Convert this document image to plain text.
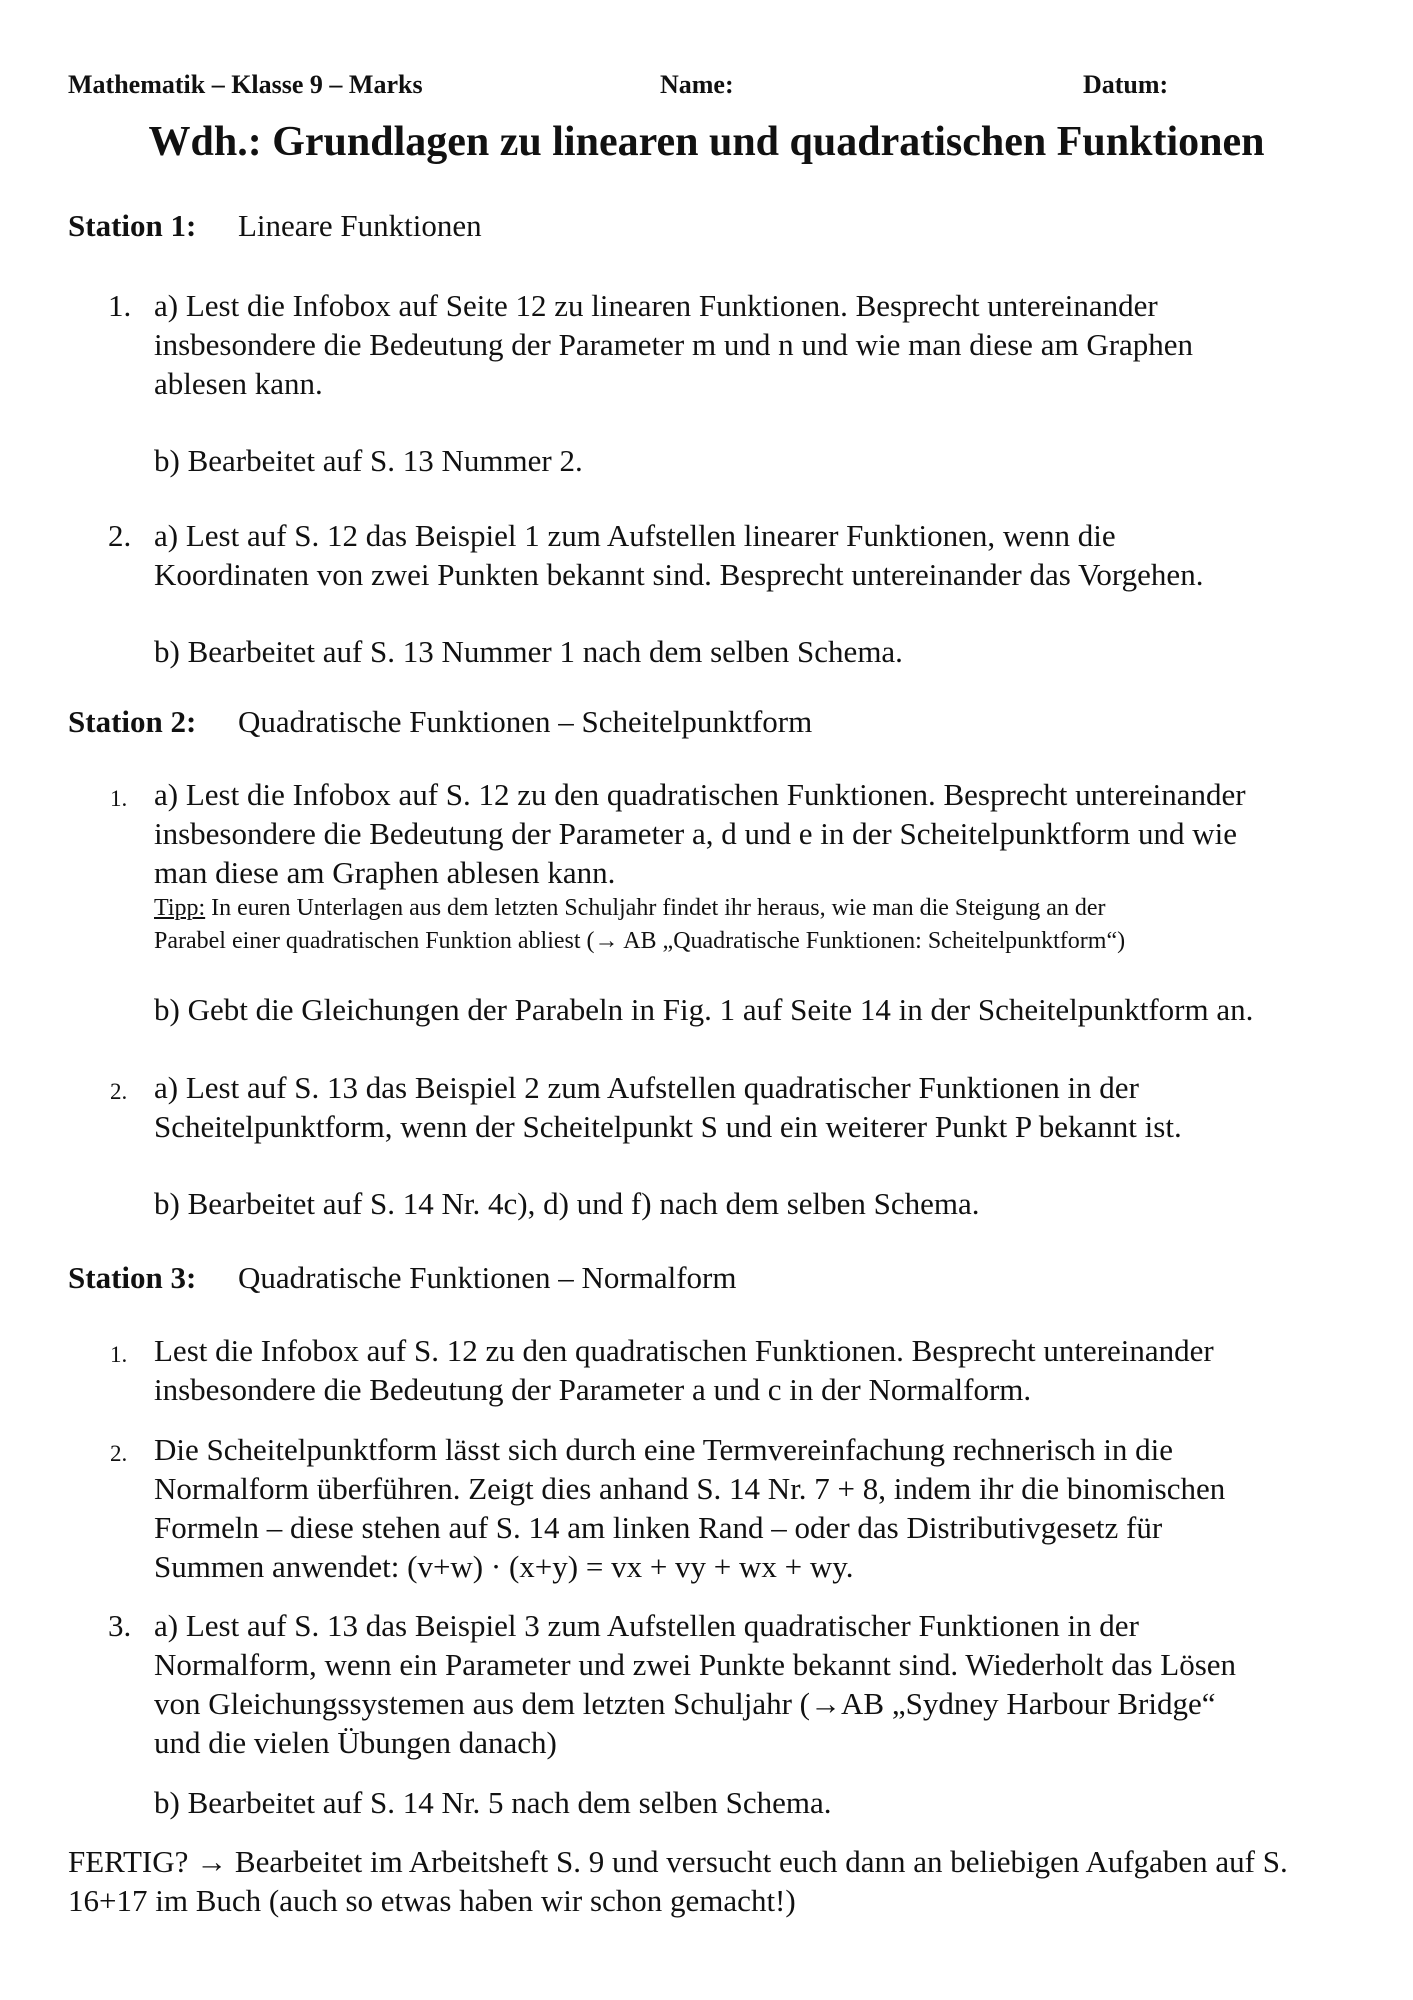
Mathematik – Klasse 9 – Marks	Name:	Datum:
Wdh.: Grundlagen zu linearen und quadratischen Funktionen
Station 1: Lineare Funktionen
1. a) Lest die Infobox auf Seite 12 zu linearen Funktionen. Besprecht untereinander
insbesondere die Bedeutung der Parameter m und n und wie man diese am Graphen
ablesen kann.
b) Bearbeitet auf S. 13 Nummer 2.
2. a) Lest auf S. 12 das Beispiel 1 zum Aufstellen linearer Funktionen, wenn die
Koordinaten von zwei Punkten bekannt sind. Besprecht untereinander das Vorgehen.
b) Bearbeitet auf S. 13 Nummer 1 nach dem selben Schema.
Station 2: Quadratische Funktionen – Scheitelpunktform
1. a) Lest die Infobox auf S. 12 zu den quadratischen Funktionen. Besprecht untereinander
insbesondere die Bedeutung der Parameter a, d und e in der Scheitelpunktform und wie
man diese am Graphen ablesen kann.
Tipp: In euren Unterlagen aus dem letzten Schuljahr findet ihr heraus, wie man die Steigung an der
Parabel einer quadratischen Funktion abliest (→ AB „Quadratische Funktionen: Scheitelpunktform“)
b) Gebt die Gleichungen der Parabeln in Fig. 1 auf Seite 14 in der Scheitelpunktform an.
2. a) Lest auf S. 13 das Beispiel 2 zum Aufstellen quadratischer Funktionen in der
Scheitelpunktform, wenn der Scheitelpunkt S und ein weiterer Punkt P bekannt ist.
b) Bearbeitet auf S. 14 Nr. 4c), d) und f) nach dem selben Schema.
Station 3: Quadratische Funktionen – Normalform
1. Lest die Infobox auf S. 12 zu den quadratischen Funktionen. Besprecht untereinander
insbesondere die Bedeutung der Parameter a und c in der Normalform.
2. Die Scheitelpunktform lässt sich durch eine Termvereinfachung rechnerisch in die
Normalform überführen. Zeigt dies anhand S. 14 Nr. 7 + 8, indem ihr die binomischen
Formeln – diese stehen auf S. 14 am linken Rand – oder das Distributivgesetz für
Summen anwendet: (v+w) · (x+y) = vx + vy + wx + wy.
3. a) Lest auf S. 13 das Beispiel 3 zum Aufstellen quadratischer Funktionen in der
Normalform, wenn ein Parameter und zwei Punkte bekannt sind. Wiederholt das Lösen
von Gleichungssystemen aus dem letzten Schuljahr (→AB „Sydney Harbour Bridge“
und die vielen Übungen danach)
b) Bearbeitet auf S. 14 Nr. 5 nach dem selben Schema.
FERTIG? → Bearbeitet im Arbeitsheft S. 9 und versucht euch dann an beliebigen Aufgaben auf S.
16+17 im Buch (auch so etwas haben wir schon gemacht!)
